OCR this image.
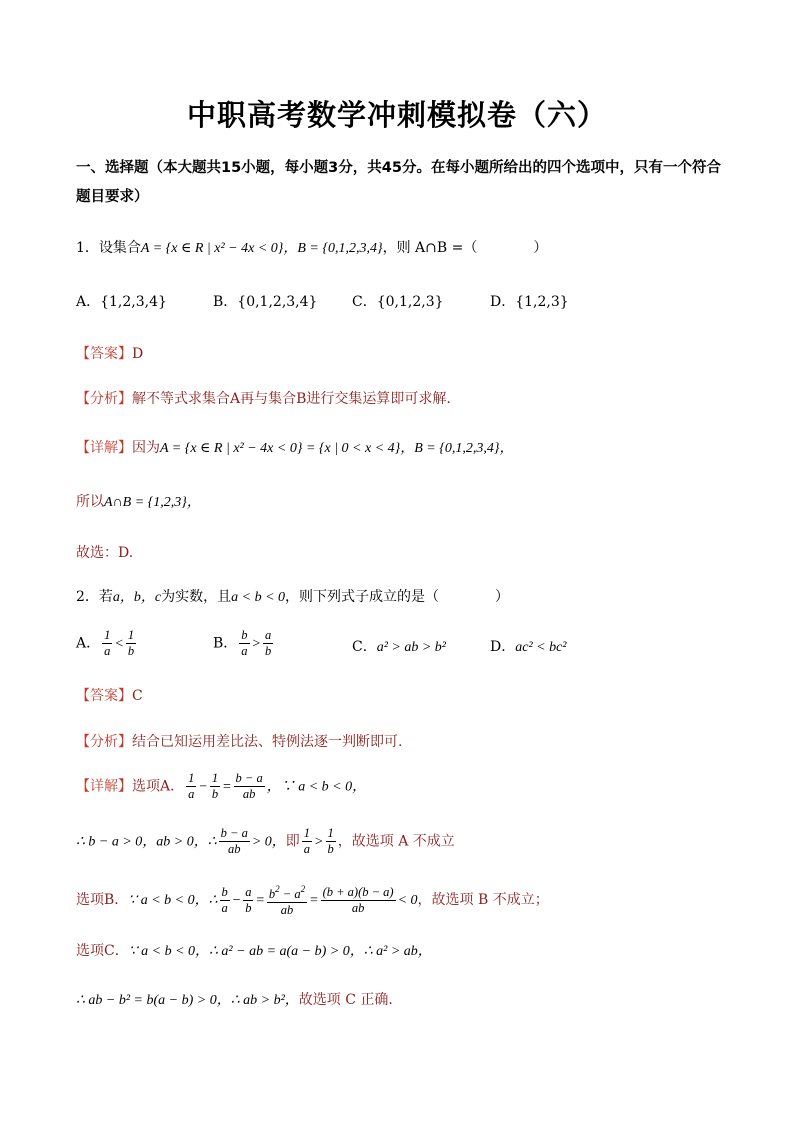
中职高考数学冲刺模拟卷（六）
一、选择题（本大题共15小题，每小题3分，共45分。在每小题所给出的四个选项中，只有一个符合题目要求）
1．设集合A = {x ∈ R | x² − 4x < 0}，B = {0,1,2,3,4}，则 A∩B =（　　　　）
A．{1,2,3,4}	B．{0,1,2,3,4} C．{0,1,2,3}	D．{1,2,3}
【答案】D
【分析】解不等式求集合A再与集合B进行交集运算即可求解.
【详解】因为A = {x ∈ R | x² − 4x < 0} = {x | 0 < x < 4}，B = {0,1,2,3,4}，
所以A∩B = {1,2,3}，
故选：D.
2．若a，b，c为实数，且a < b < 0，则下列式子成立的是（　　　　）
A． $\frac{1}{a} < \frac{1}{b}$	B． $\frac{b}{a} > \frac{a}{b}$	C．a² > ab > b²	D．ac² < bc²
【答案】C
【分析】结合已知运用差比法、特例法逐一判断即可.
【详解】选项A． $\frac{1}{a} - \frac{1}{b} = \frac{b - a}{ab}$ ，∵ a < b < 0，
∴ b − a > 0，ab > 0，∴ $\frac{b - a}{ab} > 0$，即 $\frac{1}{a} > \frac{1}{b}$ ，故选项 A 不成立
选项B．∵ a < b < 0，∴ $\frac{b}{a} - \frac{a}{b} = \frac{b^2 - a^2}{ab} = \frac{(b + a)(b - a)}{ab} < 0$，故选项 B 不成立；
选项C．∵ a < b < 0，∴ a² − ab = a(a − b) > 0，∴ a² > ab，
∴ ab − b² = b(a − b) > 0，∴ ab > b²，故选项 C 正确.
